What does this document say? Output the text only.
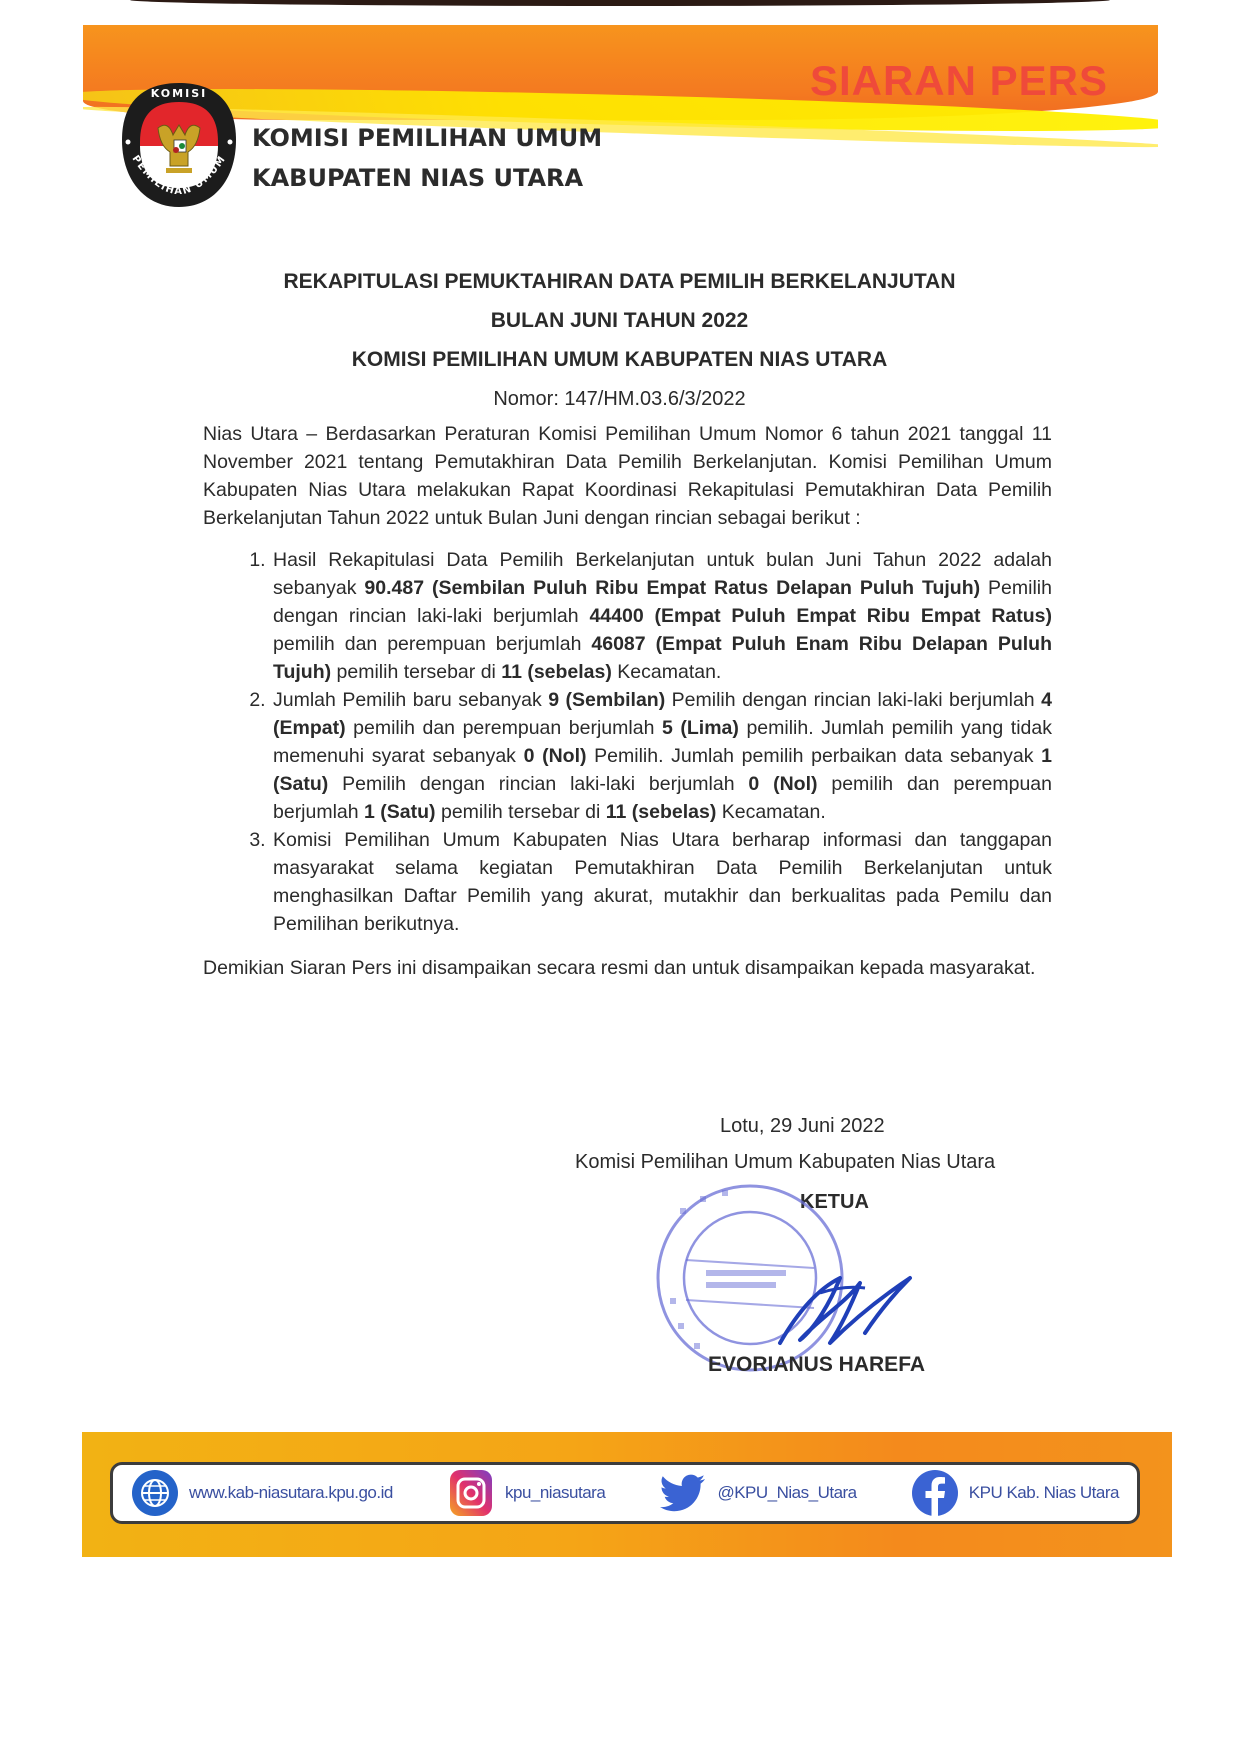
SIARAN PERS
KOMISI
PEMILIHAN UMUM
KOMISI PEMILIHAN UMUM
KABUPATEN NIAS UTARA
REKAPITULASI PEMUKTAHIRAN DATA PEMILIH BERKELANJUTAN
BULAN JUNI TAHUN 2022
KOMISI PEMILIHAN UMUM KABUPATEN NIAS UTARA
Nomor: 147/HM.03.6/3/2022

Nias Utara – Berdasarkan Peraturan Komisi Pemilihan Umum Nomor 6 tahun 2021 tanggal 11 November 2021 tentang Pemutakhiran Data Pemilih Berkelanjutan. Komisi Pemilihan Umum Kabupaten Nias Utara melakukan Rapat Koordinasi Rekapitulasi Pemutakhiran Data Pemilih Berkelanjutan Tahun 2022 untuk Bulan Juni dengan rincian sebagai berikut :

1. Hasil Rekapitulasi Data Pemilih Berkelanjutan untuk bulan Juni Tahun 2022 adalah sebanyak 90.487 (Sembilan Puluh Ribu Empat Ratus Delapan Puluh Tujuh) Pemilih dengan rincian laki-laki berjumlah 44400 (Empat Puluh Empat Ribu Empat Ratus) pemilih dan perempuan berjumlah 46087 (Empat Puluh Enam Ribu Delapan Puluh Tujuh) pemilih tersebar di 11 (sebelas) Kecamatan.
2. Jumlah Pemilih baru sebanyak 9 (Sembilan) Pemilih dengan rincian laki-laki berjumlah 4 (Empat) pemilih dan perempuan berjumlah 5 (Lima) pemilih. Jumlah pemilih yang tidak memenuhi syarat sebanyak 0 (Nol) Pemilih. Jumlah pemilih perbaikan data sebanyak 1 (Satu) Pemilih dengan rincian laki-laki berjumlah 0 (Nol) pemilih dan perempuan berjumlah 1 (Satu) pemilih tersebar di 11 (sebelas) Kecamatan.
3. Komisi Pemilihan Umum Kabupaten Nias Utara berharap informasi dan tanggapan masyarakat selama kegiatan Pemutakhiran Data Pemilih Berkelanjutan untuk menghasilkan Daftar Pemilih yang akurat, mutakhir dan berkualitas pada Pemilu dan Pemilihan berikutnya.

Demikian Siaran Pers ini disampaikan secara resmi dan untuk disampaikan kepada masyarakat.

Lotu, 29 Juni 2022
Komisi Pemilihan Umum Kabupaten Nias Utara
KETUA
EVORIANUS HAREFA
www.kab-niasutara.kpu.go.id	kpu_niasutara	@KPU_Nias_Utara	KPU Kab. Nias Utara
